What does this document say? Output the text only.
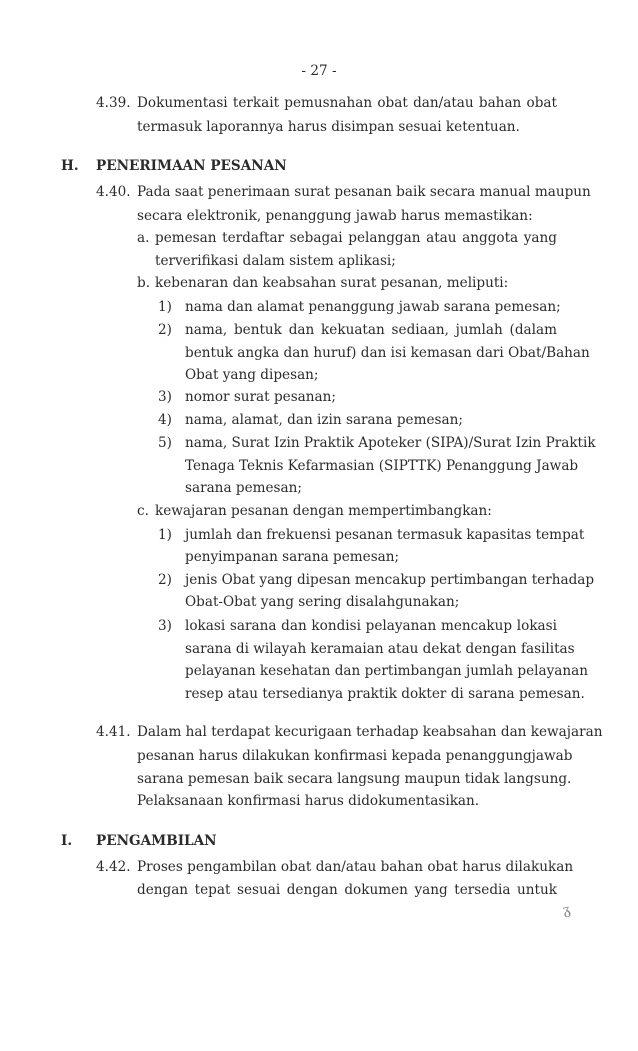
- 27 -

4.39. Dokumentasi terkait pemusnahan obat dan/atau bahan obat

termasuk laporannya harus disimpan sesuai ketentuan.

H. PENERIMAAN PESANAN

4.40. Pada saat penerimaan surat pesanan baik secara manual maupun

secara elektronik, penanggung jawab harus memastikan:

a. pemesan terdaftar sebagai pelanggan atau anggota yang

terverifikasi dalam sistem aplikasi;

b. kebenaran dan keabsahan surat pesanan, meliputi:

1) nama dan alamat penanggung jawab sarana pemesan;

2) nama, bentuk dan kekuatan sediaan, jumlah (dalam

bentuk angka dan huruf) dan isi kemasan dari Obat/Bahan

Obat yang dipesan;

3) nomor surat pesanan;

4) nama, alamat, dan izin sarana pemesan;

5) nama, Surat Izin Praktik Apoteker (SIPA)/Surat Izin Praktik

Tenaga Teknis Kefarmasian (SIPTTK) Penanggung Jawab

sarana pemesan;

c. kewajaran pesanan dengan mempertimbangkan:

1) jumlah dan frekuensi pesanan termasuk kapasitas tempat

penyimpanan sarana pemesan;

2) jenis Obat yang dipesan mencakup pertimbangan terhadap

Obat-Obat yang sering disalahgunakan;

3) lokasi sarana dan kondisi pelayanan mencakup lokasi

sarana di wilayah keramaian atau dekat dengan fasilitas

pelayanan kesehatan dan pertimbangan jumlah pelayanan

resep atau tersedianya praktik dokter di sarana pemesan.

4.41. Dalam hal terdapat kecurigaan terhadap keabsahan dan kewajaran

pesanan harus dilakukan konfirmasi kepada penanggungjawab

sarana pemesan baik secara langsung maupun tidak langsung.

Pelaksanaan konfirmasi harus didokumentasikan.

I. PENGAMBILAN

4.42. Proses pengambilan obat dan/atau bahan obat harus dilakukan

dengan tepat sesuai dengan dokumen yang tersedia untuk

ᵹ
